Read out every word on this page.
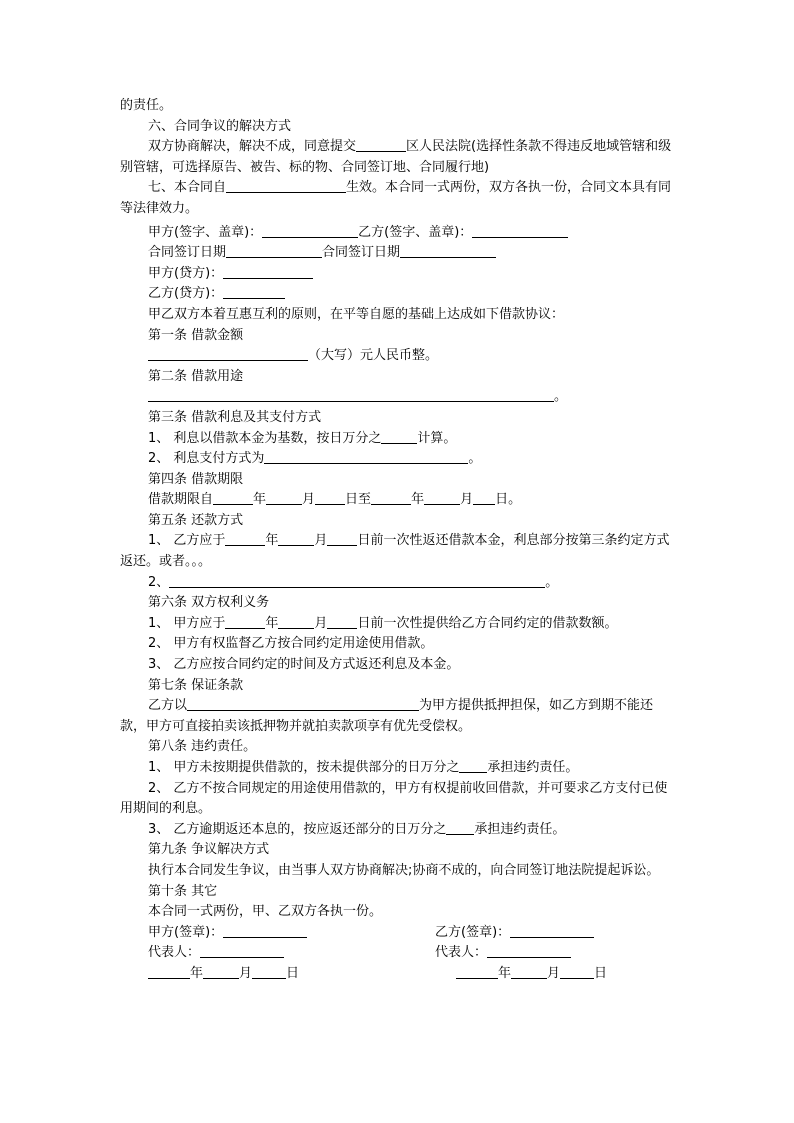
的责任。

六、合同争议的解决方式

双方协商解决，解决不成，同意提交	区人民法院(选择性条款不得违反地域管辖和级别管辖，可选择原告、被告、标的物、合同签订地、合同履行地)

七、本合同自	生效。本合同一式两份，双方各执一份，合同文本具有同等法律效力。

甲方(签字、盖章)：	乙方(签字、盖章)：

合同签订日期	合同签订日期

甲方(贷方)：

乙方(贷方)：

甲乙双方本着互惠互利的原则，在平等自愿的基础上达成如下借款协议：

第一条 借款金额

（大写）元人民币整。

第二条 借款用途

。

第三条 借款利息及其支付方式

1、 利息以借款本金为基数，按日万分之	计算。

2、 利息支付方式为	。

第四条 借款期限

借款期限自	年	月 日至	年	月 日。

第五条 还款方式

1、 乙方应于	年	月 日前一次性返还借款本金，利息部分按第三条约定方式返还。或者。。。

2、	。

第六条 双方权利义务

1、 甲方应于	年	月 日前一次性提供给乙方合同约定的借款数额。

2、 甲方有权监督乙方按合同约定用途使用借款。

3、 乙方应按合同约定的时间及方式返还利息及本金。

第七条 保证条款

乙方以	为甲方提供抵押担保，如乙方到期不能还款，甲方可直接拍卖该抵押物并就拍卖款项享有优先受偿权。

第八条 违约责任。

1、 甲方未按期提供借款的，按未提供部分的日万分之 承担违约责任。

2、 乙方不按合同规定的用途使用借款的，甲方有权提前收回借款，并可要求乙方支付已使用期间的利息。

3、 乙方逾期返还本息的，按应返还部分的日万分之 承担违约责任。

第九条 争议解决方式

执行本合同发生争议，由当事人双方协商解决;协商不成的，向合同签订地法院提起诉讼。

第十条 其它

本合同一式两份，甲、乙双方各执一份。

甲方(签章)：	乙方(签章)：
代表人：	代表人：
年	月	日	年	月	日
